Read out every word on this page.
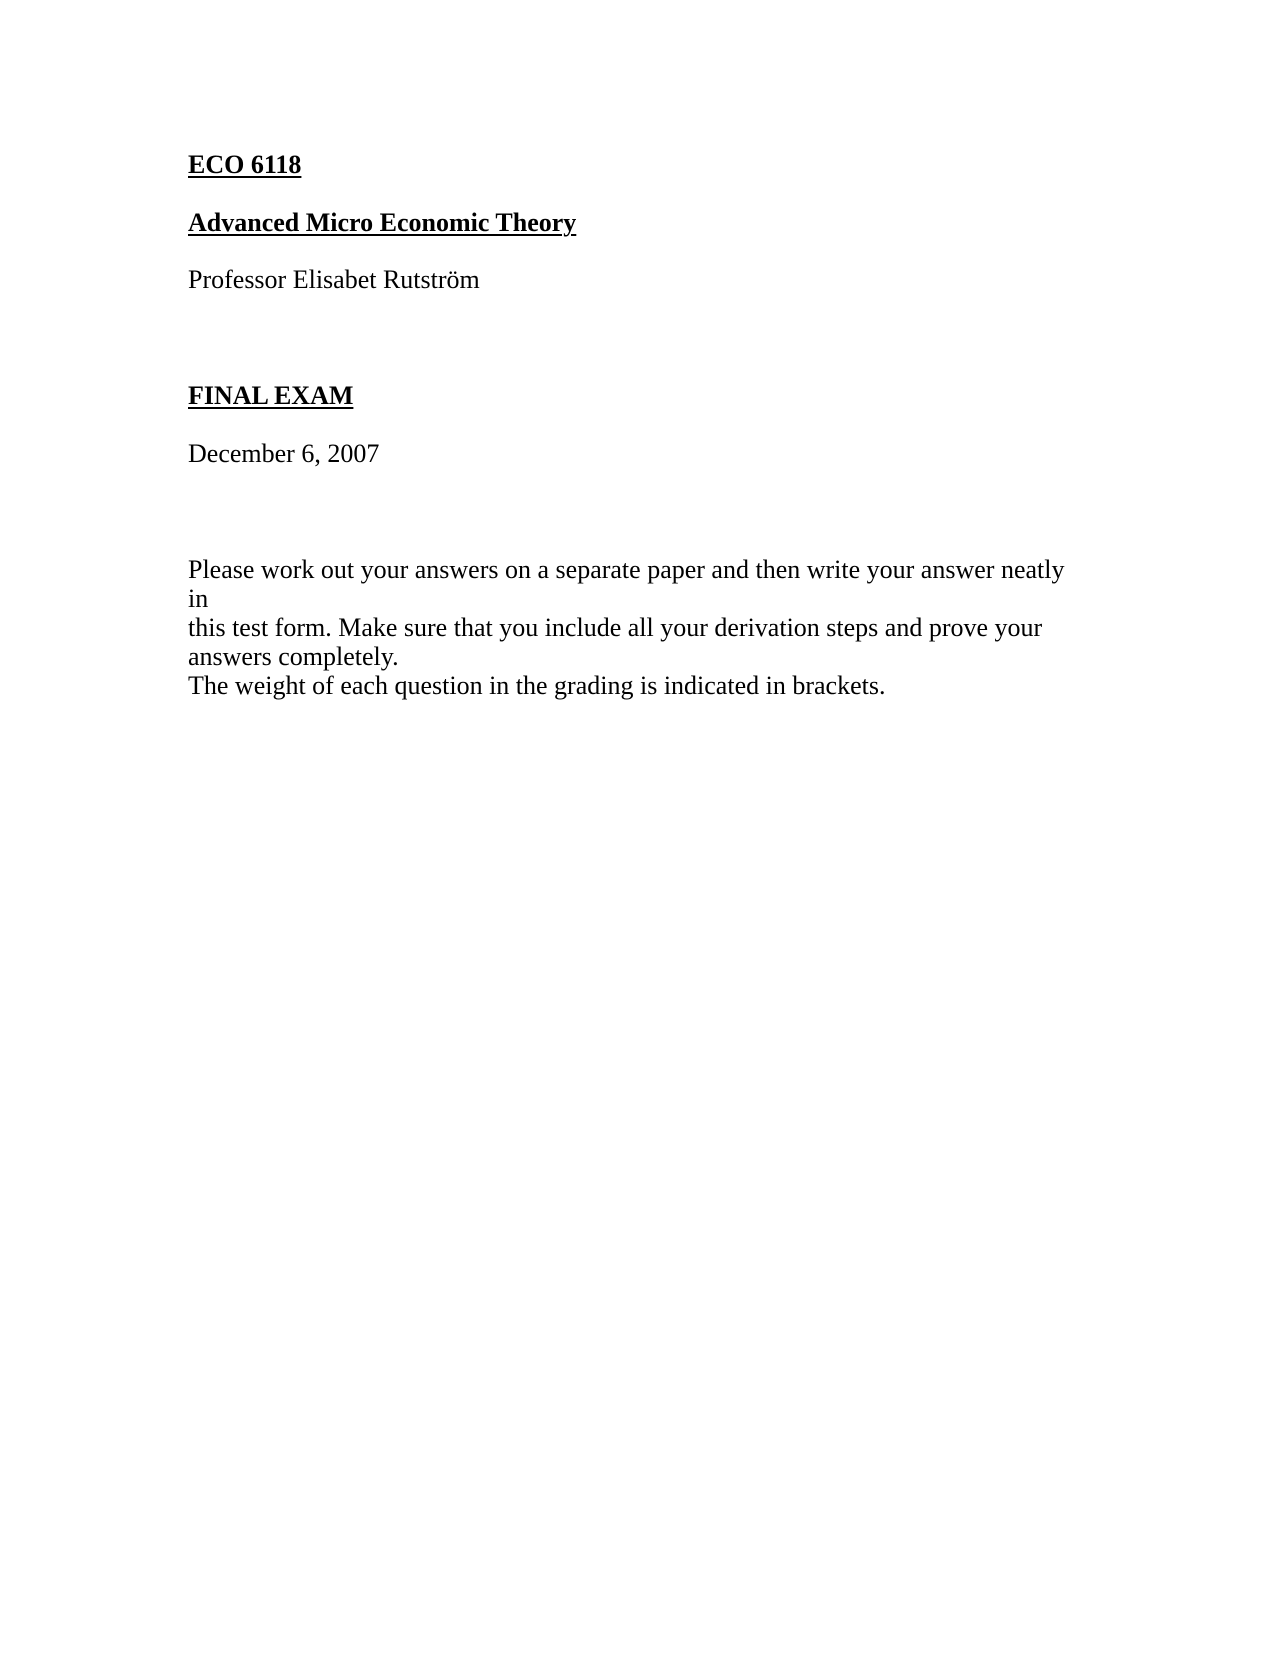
ECO 6118

Advanced Micro Economic Theory

Professor Elisabet Rutström

FINAL EXAM

December 6, 2007

Please work out your answers on a separate paper and then write your answer neatly in
this test form. Make sure that you include all your derivation steps and prove your
answers completely.

The weight of each question in the grading is indicated in brackets.
